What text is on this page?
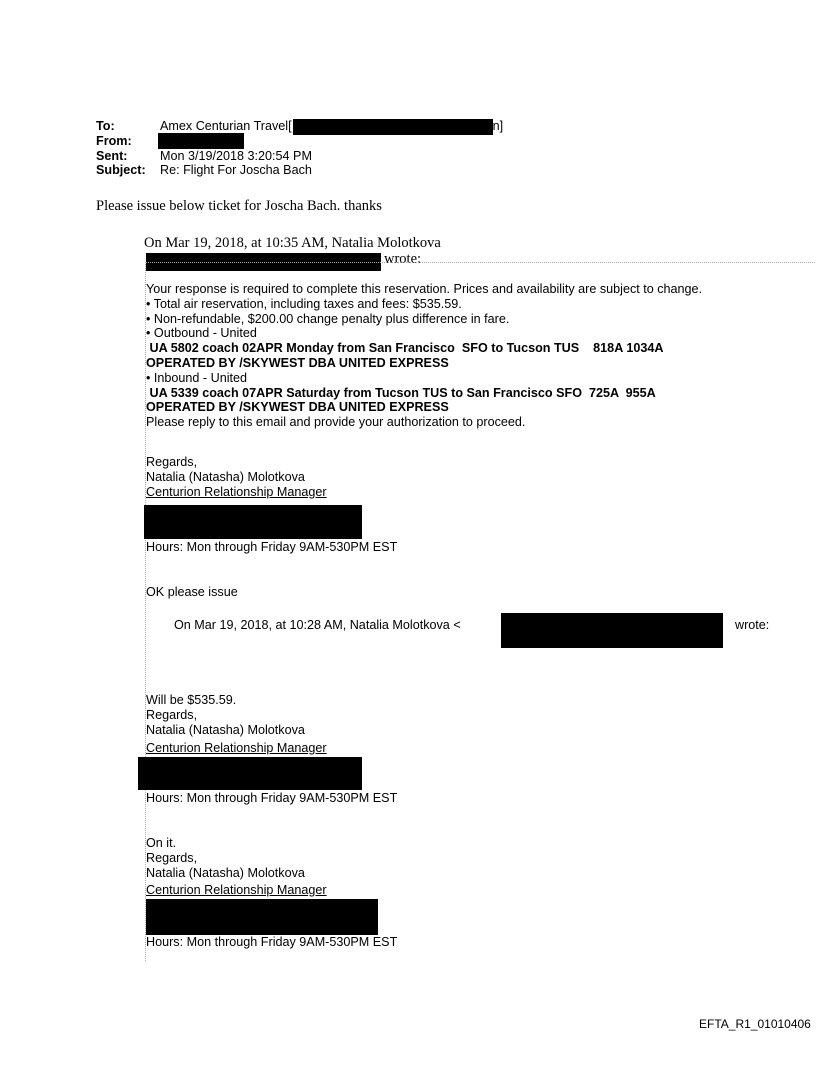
To:	Amex Centurian Travel[	n]
From:
Sent:	Mon 3/19/2018 3:20:54 PM
Subject: Re: Flight For Joscha Bach
Please issue below ticket for Joscha Bach. thanks
On Mar 19, 2018, at 10:35 AM, Natalia Molotkova
wrote:
Your response is required to complete this reservation. Prices and availability are subject to change.
• Total air reservation, including taxes and fees: $535.59.
• Non-refundable, $200.00 change penalty plus difference in fare.
• Outbound - United
UA 5802 coach 02APR Monday from San Francisco  SFO to Tucson TUS    818A 1034A
OPERATED BY /SKYWEST DBA UNITED EXPRESS
• Inbound - United
UA 5339 coach 07APR Saturday from Tucson TUS to San Francisco SFO  725A  955A
OPERATED BY /SKYWEST DBA UNITED EXPRESS
Please reply to this email and provide your authorization to proceed.
Regards,
Natalia (Natasha) Molotkova
Centurion Relationship Manager
Hours: Mon through Friday 9AM-530PM EST
OK please issue
On Mar 19, 2018, at 10:28 AM, Natalia Molotkova <	wrote:
Will be $535.59.
Regards,
Natalia (Natasha) Molotkova
Centurion Relationship Manager
Hours: Mon through Friday 9AM-530PM EST
On it.
Regards,
Natalia (Natasha) Molotkova
Centurion Relationship Manager
Hours: Mon through Friday 9AM-530PM EST
EFTA_R1_01010406
